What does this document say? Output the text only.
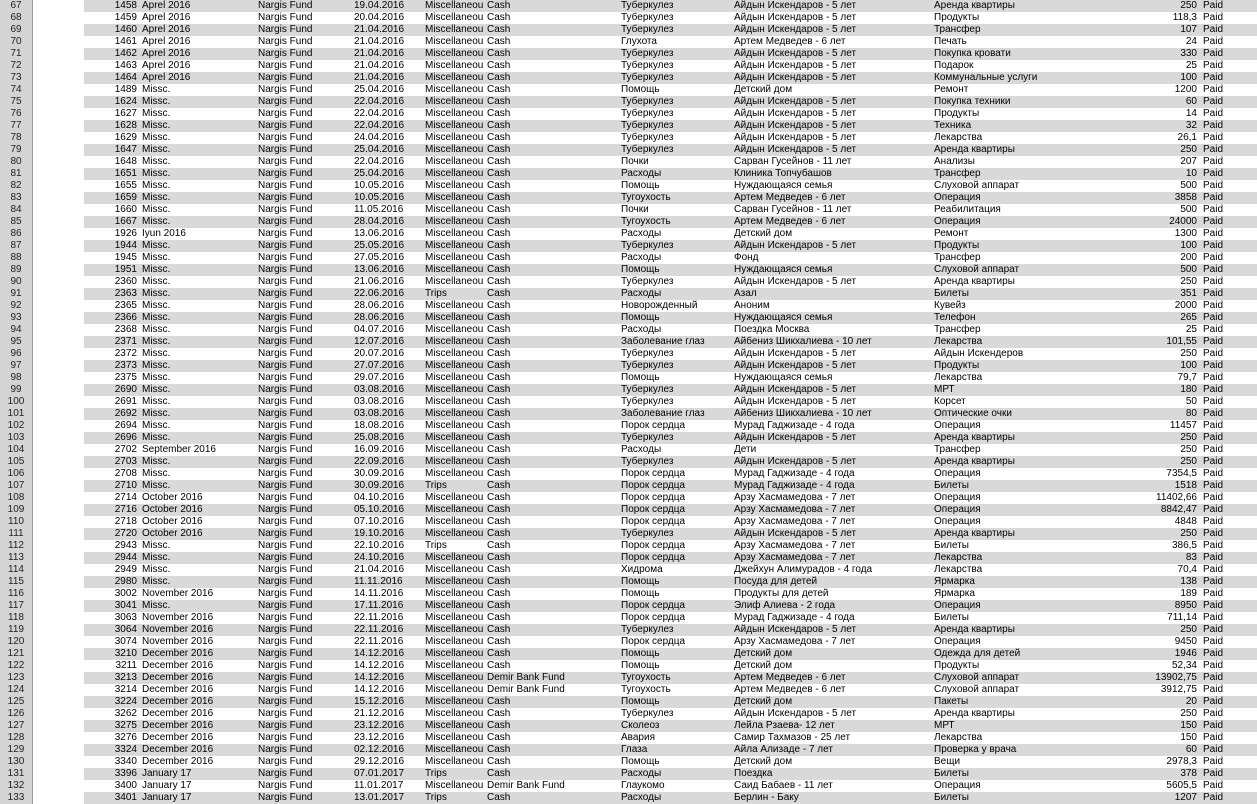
67	1458 Aprel 2016	Nargis Fund	19.04.2016	Miscellaneou Cash	Туберкулез	Айдын Искендаров - 5 лет	Аренда квартиры	250 Paid
68	1459 Aprel 2016	Nargis Fund	20.04.2016	Miscellaneou Cash	Туберкулез	Айдын Искендаров - 5 лет	Продукты	118,3 Paid
69	1460 Aprel 2016	Nargis Fund	21.04.2016	Miscellaneou Cash	Туберкулез	Айдын Искендаров - 5 лет	Трансфер	107 Paid
70	1461 Aprel 2016	Nargis Fund	21.04.2016	Miscellaneou Cash	Глухота	Артем Медведев - 6 лет	Печать	24 Paid
71	1462 Aprel 2016	Nargis Fund	21.04.2016	Miscellaneou Cash	Туберкулез	Айдын Искендаров - 5 лет	Покупка кровати	330 Paid
72	1463 Aprel 2016	Nargis Fund	21.04.2016	Miscellaneou Cash	Туберкулез	Айдын Искендаров - 5 лет	Подарок	25 Paid
73	1464 Aprel 2016	Nargis Fund	21.04.2016	Miscellaneou Cash	Туберкулез	Айдын Искендаров - 5 лет	Коммунальные услуги	100 Paid
74	1489 Missc.	Nargis Fund	25.04.2016	Miscellaneou Cash	Помощь	Детский дом	Ремонт	1200 Paid
75	1624 Missc.	Nargis Fund	22.04.2016	Miscellaneou Cash	Туберкулез	Айдын Искендаров - 5 лет	Покупка техники	60 Paid
76	1627 Missc.	Nargis Fund	22.04.2016	Miscellaneou Cash	Туберкулез	Айдын Искендаров - 5 лет	Продукты	14 Paid
77	1628 Missc.	Nargis Fund	22.04.2016	Miscellaneou Cash	Туберкулез	Айдын Искендаров - 5 лет	Техника	32 Paid
78	1629 Missc.	Nargis Fund	24.04.2016	Miscellaneou Cash	Туберкулез	Айдын Искендаров - 5 лет	Лекарства	26,1 Paid
79	1647 Missc.	Nargis Fund	25.04.2016	Miscellaneou Cash	Туберкулез	Айдын Искендаров - 5 лет	Аренда квартиры	250 Paid
80	1648 Missc.	Nargis Fund	22.04.2016	Miscellaneou Cash	Почки	Сарван Гусейнов - 11 лет	Анализы	207 Paid
81	1651 Missc.	Nargis Fund	25.04.2016	Miscellaneou Cash	Расходы	Клиника Топчубашов	Трансфер	10 Paid
82	1655 Missc.	Nargis Fund	10.05.2016	Miscellaneou Cash	Помощь	Нуждающаяся семья	Слуховой аппарат	500 Paid
83	1659 Missc.	Nargis Fund	10.05.2016	Miscellaneou Cash	Тугоухость	Артем Медведев - 6 лет	Операция	3858 Paid
84	1660 Missc.	Nargis Fund	11.05.2016	Miscellaneou Cash	Почки	Сарван Гусейнов - 11 лет	Реабилитация	500 Paid
85	1667 Missc.	Nargis Fund	28.04.2016	Miscellaneou Cash	Тугоухость	Артем Медведев - 6 лет	Операция	24000 Paid
86	1926 Iyun 2016	Nargis Fund	13.06.2016	Miscellaneou Cash	Расходы	Детский дом	Ремонт	1300 Paid
87	1944 Missc.	Nargis Fund	25.05.2016	Miscellaneou Cash	Туберкулез	Айдын Искендаров - 5 лет	Продукты	100 Paid
88	1945 Missc.	Nargis Fund	27.05.2016	Miscellaneou Cash	Расходы	Фонд	Трансфер	200 Paid
89	1951 Missc.	Nargis Fund	13.06.2016	Miscellaneou Cash	Помощь	Нуждающаяся семья	Слуховой аппарат	500 Paid
90	2360 Missc.	Nargis Fund	21.06.2016	Miscellaneou Cash	Туберкулез	Айдын Искендаров - 5 лет	Аренда квартиры	250 Paid
91	2363 Missc.	Nargis Fund	22.06.2016	Trips	Cash	Расходы	Азал	Билеты	351 Paid
92	2365 Missc.	Nargis Fund	28.06.2016	Miscellaneou Cash	Новорожденный	Аноним	Кувейз	2000 Paid
93	2366 Missc.	Nargis Fund	28.06.2016	Miscellaneou Cash	Помощь	Нуждающаяся семья	Телефон	265 Paid
94	2368 Missc.	Nargis Fund	04.07.2016	Miscellaneou Cash	Расходы	Поездка Москва	Трансфер	25 Paid
95	2371 Missc.	Nargis Fund	12.07.2016	Miscellaneou Cash	Заболевание глаз	Айбениз Шикхалиева - 10 лет	Лекарства	101,55 Paid
96	2372 Missc.	Nargis Fund	20.07.2016	Miscellaneou Cash	Туберкулез	Айдын Искендаров - 5 лет	Айдын Искендеров	250 Paid
97	2373 Missc.	Nargis Fund	27.07.2016	Miscellaneou Cash	Туберкулез	Айдын Искендаров - 5 лет	Продукты	100 Paid
98	2375 Missc.	Nargis Fund	29.07.2016	Miscellaneou Cash	Помощь	Нуждающаяся семья	Лекарства	79,7 Paid
99	2690 Missc.	Nargis Fund	03.08.2016	Miscellaneou Cash	Туберкулез	Айдын Искендаров - 5 лет	МРТ	180 Paid
100	2691 Missc.	Nargis Fund	03.08.2016	Miscellaneou Cash	Туберкулез	Айдын Искендаров - 5 лет	Корсет	50 Paid
101	2692 Missc.	Nargis Fund	03.08.2016	Miscellaneou Cash	Заболевание глаз	Айбениз Шикхалиева - 10 лет	Оптические очки	80 Paid
102	2694 Missc.	Nargis Fund	18.08.2016	Miscellaneou Cash	Порок сердца	Мурад Гаджизаде - 4 года	Операция	11457 Paid
103	2696 Missc.	Nargis Fund	25.08.2016	Miscellaneou Cash	Туберкулез	Айдын Искендаров - 5 лет	Аренда квартиры	250 Paid
104	2702 September 2016	Nargis Fund	16.09.2016	Miscellaneou Cash	Расходы	Дети	Трансфер	250 Paid
105	2703 Missc.	Nargis Fund	22.09.2016	Miscellaneou Cash	Туберкулез	Айдын Искендаров - 5 лет	Аренда квартиры	250 Paid
106	2708 Missc.	Nargis Fund	30.09.2016	Miscellaneou Cash	Порок сердца	Мурад Гаджизаде - 4 года	Операция	7354,5 Paid
107	2710 Missc.	Nargis Fund	30.09.2016	Trips	Cash	Порок сердца	Мурад Гаджизаде - 4 года	Билеты	1518 Paid
108	2714 October 2016	Nargis Fund	04.10.2016	Miscellaneou Cash	Порок сердца	Арзу Хасмамедова - 7 лет	Операция	11402,66 Paid
109	2716 October 2016	Nargis Fund	05.10.2016	Miscellaneou Cash	Порок сердца	Арзу Хасмамедова - 7 лет	Операция	8842,47 Paid
110	2718 October 2016	Nargis Fund	07.10.2016	Miscellaneou Cash	Порок сердца	Арзу Хасмамедова - 7 лет	Операция	4848 Paid
111	2720 October 2016	Nargis Fund	19.10.2016	Miscellaneou Cash	Туберкулез	Айдын Искендаров - 5 лет	Аренда квартиры	250 Paid
112	2943 Missc.	Nargis Fund	22.10.2016	Trips	Cash	Порок сердца	Арзу Хасмамедова - 7 лет	Билеты	386,5 Paid
113	2944 Missc.	Nargis Fund	24.10.2016	Miscellaneou Cash	Порок сердца	Арзу Хасмамедова - 7 лет	Лекарства	83 Paid
114	2949 Missc.	Nargis Fund	21.04.2016	Miscellaneou Cash	Хидрома	Джейхун Алимурадов - 4 года	Лекарства	70,4 Paid
115	2980 Missc.	Nargis Fund	11.11.2016	Miscellaneou Cash	Помощь	Посуда для детей	Ярмарка	138 Paid
116	3002 November 2016	Nargis Fund	14.11.2016	Miscellaneou Cash	Помощь	Продукты для детей	Ярмарка	189 Paid
117	3041 Missc.	Nargis Fund	17.11.2016	Miscellaneou Cash	Порок сердца	Элиф Алиева - 2 года	Операция	8950 Paid
118	3063 November 2016	Nargis Fund	22.11.2016	Miscellaneou Cash	Порок сердца	Мурад Гаджизаде - 4 года	Билеты	711,14 Paid
119	3064 November 2016	Nargis Fund	22.11.2016	Miscellaneou Cash	Туберкулез	Айдын Искендаров - 5 лет	Аренда квартиры	250 Paid
120	3074 November 2016	Nargis Fund	22.11.2016	Miscellaneou Cash	Порок сердца	Арзу Хасмамедова - 7 лет	Операция	9450 Paid
121	3210 December 2016	Nargis Fund	14.12.2016	Miscellaneou Cash	Помощь	Детский дом	Одежда для детей	1946 Paid
122	3211 December 2016	Nargis Fund	14.12.2016	Miscellaneou Cash	Помощь	Детский дом	Продукты	52,34 Paid
123	3213 December 2016	Nargis Fund	14.12.2016	Miscellaneou Demir Bank Fund	Тугоухость	Артем Медведев - 6 лет	Слуховой аппарат	13902,75 Paid
124	3214 December 2016	Nargis Fund	14.12.2016	Miscellaneou Demir Bank Fund	Тугоухость	Артем Медведев - 6 лет	Слуховой аппарат	3912,75 Paid
125	3224 December 2016	Nargis Fund	15.12.2016	Miscellaneou Cash	Помощь	Детский дом	Пакеты	20 Paid
126	3262 December 2016	Nargis Fund	21.12.2016	Miscellaneou Cash	Туберкулез	Айдын Искендаров - 5 лет	Аренда квартиры	250 Paid
127	3275 December 2016	Nargis Fund	23.12.2016	Miscellaneou Cash	Сколеоз	Лейла Рзаева- 12 лет	МРТ	150 Paid
128	3276 December 2016	Nargis Fund	23.12.2016	Miscellaneou Cash	Авария	Самир Тахмазов - 25 лет	Лекарства	150 Paid
129	3324 December 2016	Nargis Fund	02.12.2016	Miscellaneou Cash	Глаза	Айла Ализаде - 7 лет	Проверка у врача	60 Paid
130	3340 December 2016	Nargis Fund	29.12.2016	Miscellaneou Cash	Помощь	Детский дом	Вещи	2978,3 Paid
131	3396 January 17	Nargis Fund	07.01.2017	Trips	Cash	Расходы	Поездка	Билеты	378 Paid
132	3400 January 17	Nargis Fund	11.01.2017	Miscellaneou Demir Bank Fund	Глаукомо	Саид Бабаев - 11 лет	Операция	5605,5 Paid
133	3401 January 17	Nargis Fund	13.01.2017	Trips	Cash	Расходы	Берлин - Баку	Билеты	1207 Paid
